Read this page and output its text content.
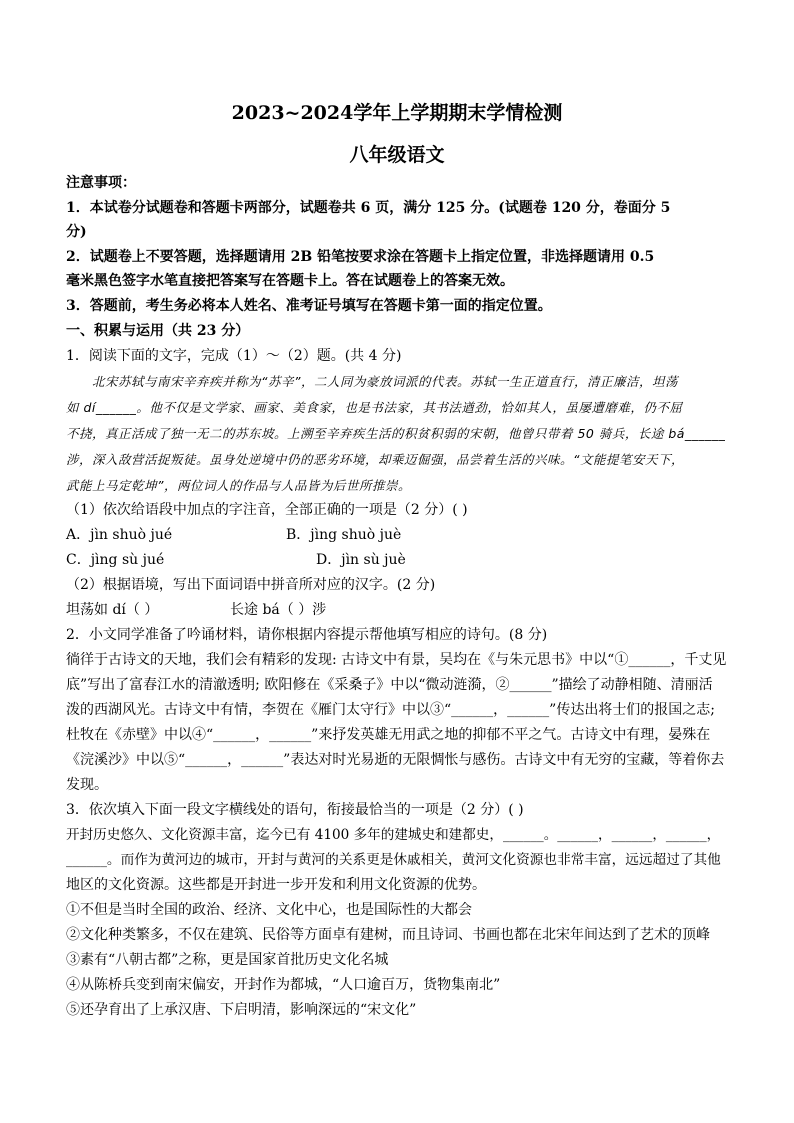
2023~2024学年上学期期末学情检测
八年级语文
注意事项：
1．本试卷分试题卷和答题卡两部分，试题卷共 6 页，满分 125 分。(试题卷 120 分，卷面分 5
分)
2．试题卷上不要答题，选择题请用 2B 铅笔按要求涂在答题卡上指定位置，非选择题请用 0.5
毫米黑色签字水笔直接把答案写在答题卡上。答在试题卷上的答案无效。
3．答题前，考生务必将本人姓名、准考证号填写在答题卡第一面的指定位置。
一、积累与运用（共 23 分）
1．阅读下面的文字，完成（1）～（2）题。(共 4 分)
北宋苏轼与南宋辛弃疾并称为“苏辛”，二人同为豪放词派的代表。苏轼一生正道直行，清正廉洁，坦荡
如 dí______。他不仅是文学家、画家、美食家，也是书法家，其书法遒劲，恰如其人，虽屡遭磨难，仍不屈
不挠，真正活成了独一无二的苏东坡。上溯至辛弃疾生活的积贫积弱的宋朝，他曾只带着 50 骑兵，长途 bá______
涉，深入敌营活捉叛徒。虽身处逆境中仍的恶劣环境，却乘迈倔强，品尝着生活的兴味。“文能提笔安天下，
武能上马定乾坤”，两位词人的作品与人品皆为后世所推崇。
（1）依次给语段中加点的字注音，全部正确的一项是（2 分）( )
A．jìn shuò jué	B．jìng shuò juè
C．jìng sù jué	D．jìn sù juè
（2）根据语境，写出下面词语中拼音所对应的汉字。(2 分)
坦荡如 dí（ ）	长途 bá（ ）涉
2．小文同学准备了吟诵材料，请你根据内容提示帮他填写相应的诗句。(8 分)
徜徉于古诗文的天地，我们会有精彩的发现: 古诗文中有景，吴均在《与朱元思书》中以“①______，千丈见
底”写出了富春江水的清澈透明; 欧阳修在《采桑子》中以“微动涟漪，②______”描绘了动静相随、清丽活
泼的西湖风光。古诗文中有情，李贺在《雁门太守行》中以③“______，______”传达出将士们的报国之志;
杜牧在《赤壁》中以④“______，______”来抒发英雄无用武之地的抑郁不平之气。古诗文中有理，晏殊在
《浣溪沙》中以⑤“______，______”表达对时光易逝的无限惆怅与感伤。古诗文中有无穷的宝藏，等着你去
发现。
3．依次填入下面一段文字横线处的语句，衔接最恰当的一项是（2 分）( )
开封历史悠久、文化资源丰富，迄今已有 4100 多年的建城史和建都史，______。______，______，______，
______。而作为黄河边的城市，开封与黄河的关系更是休戚相关，黄河文化资源也非常丰富，远远超过了其他
地区的文化资源。这些都是开封进一步开发和利用文化资源的优势。
①不但是当时全国的政治、经济、文化中心，也是国际性的大都会
②文化种类繁多，不仅在建筑、民俗等方面卓有建树，而且诗词、书画也都在北宋年间达到了艺术的顶峰
③素有“八朝古都”之称，更是国家首批历史文化名城
④从陈桥兵变到南宋偏安，开封作为都城，“人口逾百万，货物集南北”
⑤还孕育出了上承汉唐、下启明清，影响深远的“宋文化”
